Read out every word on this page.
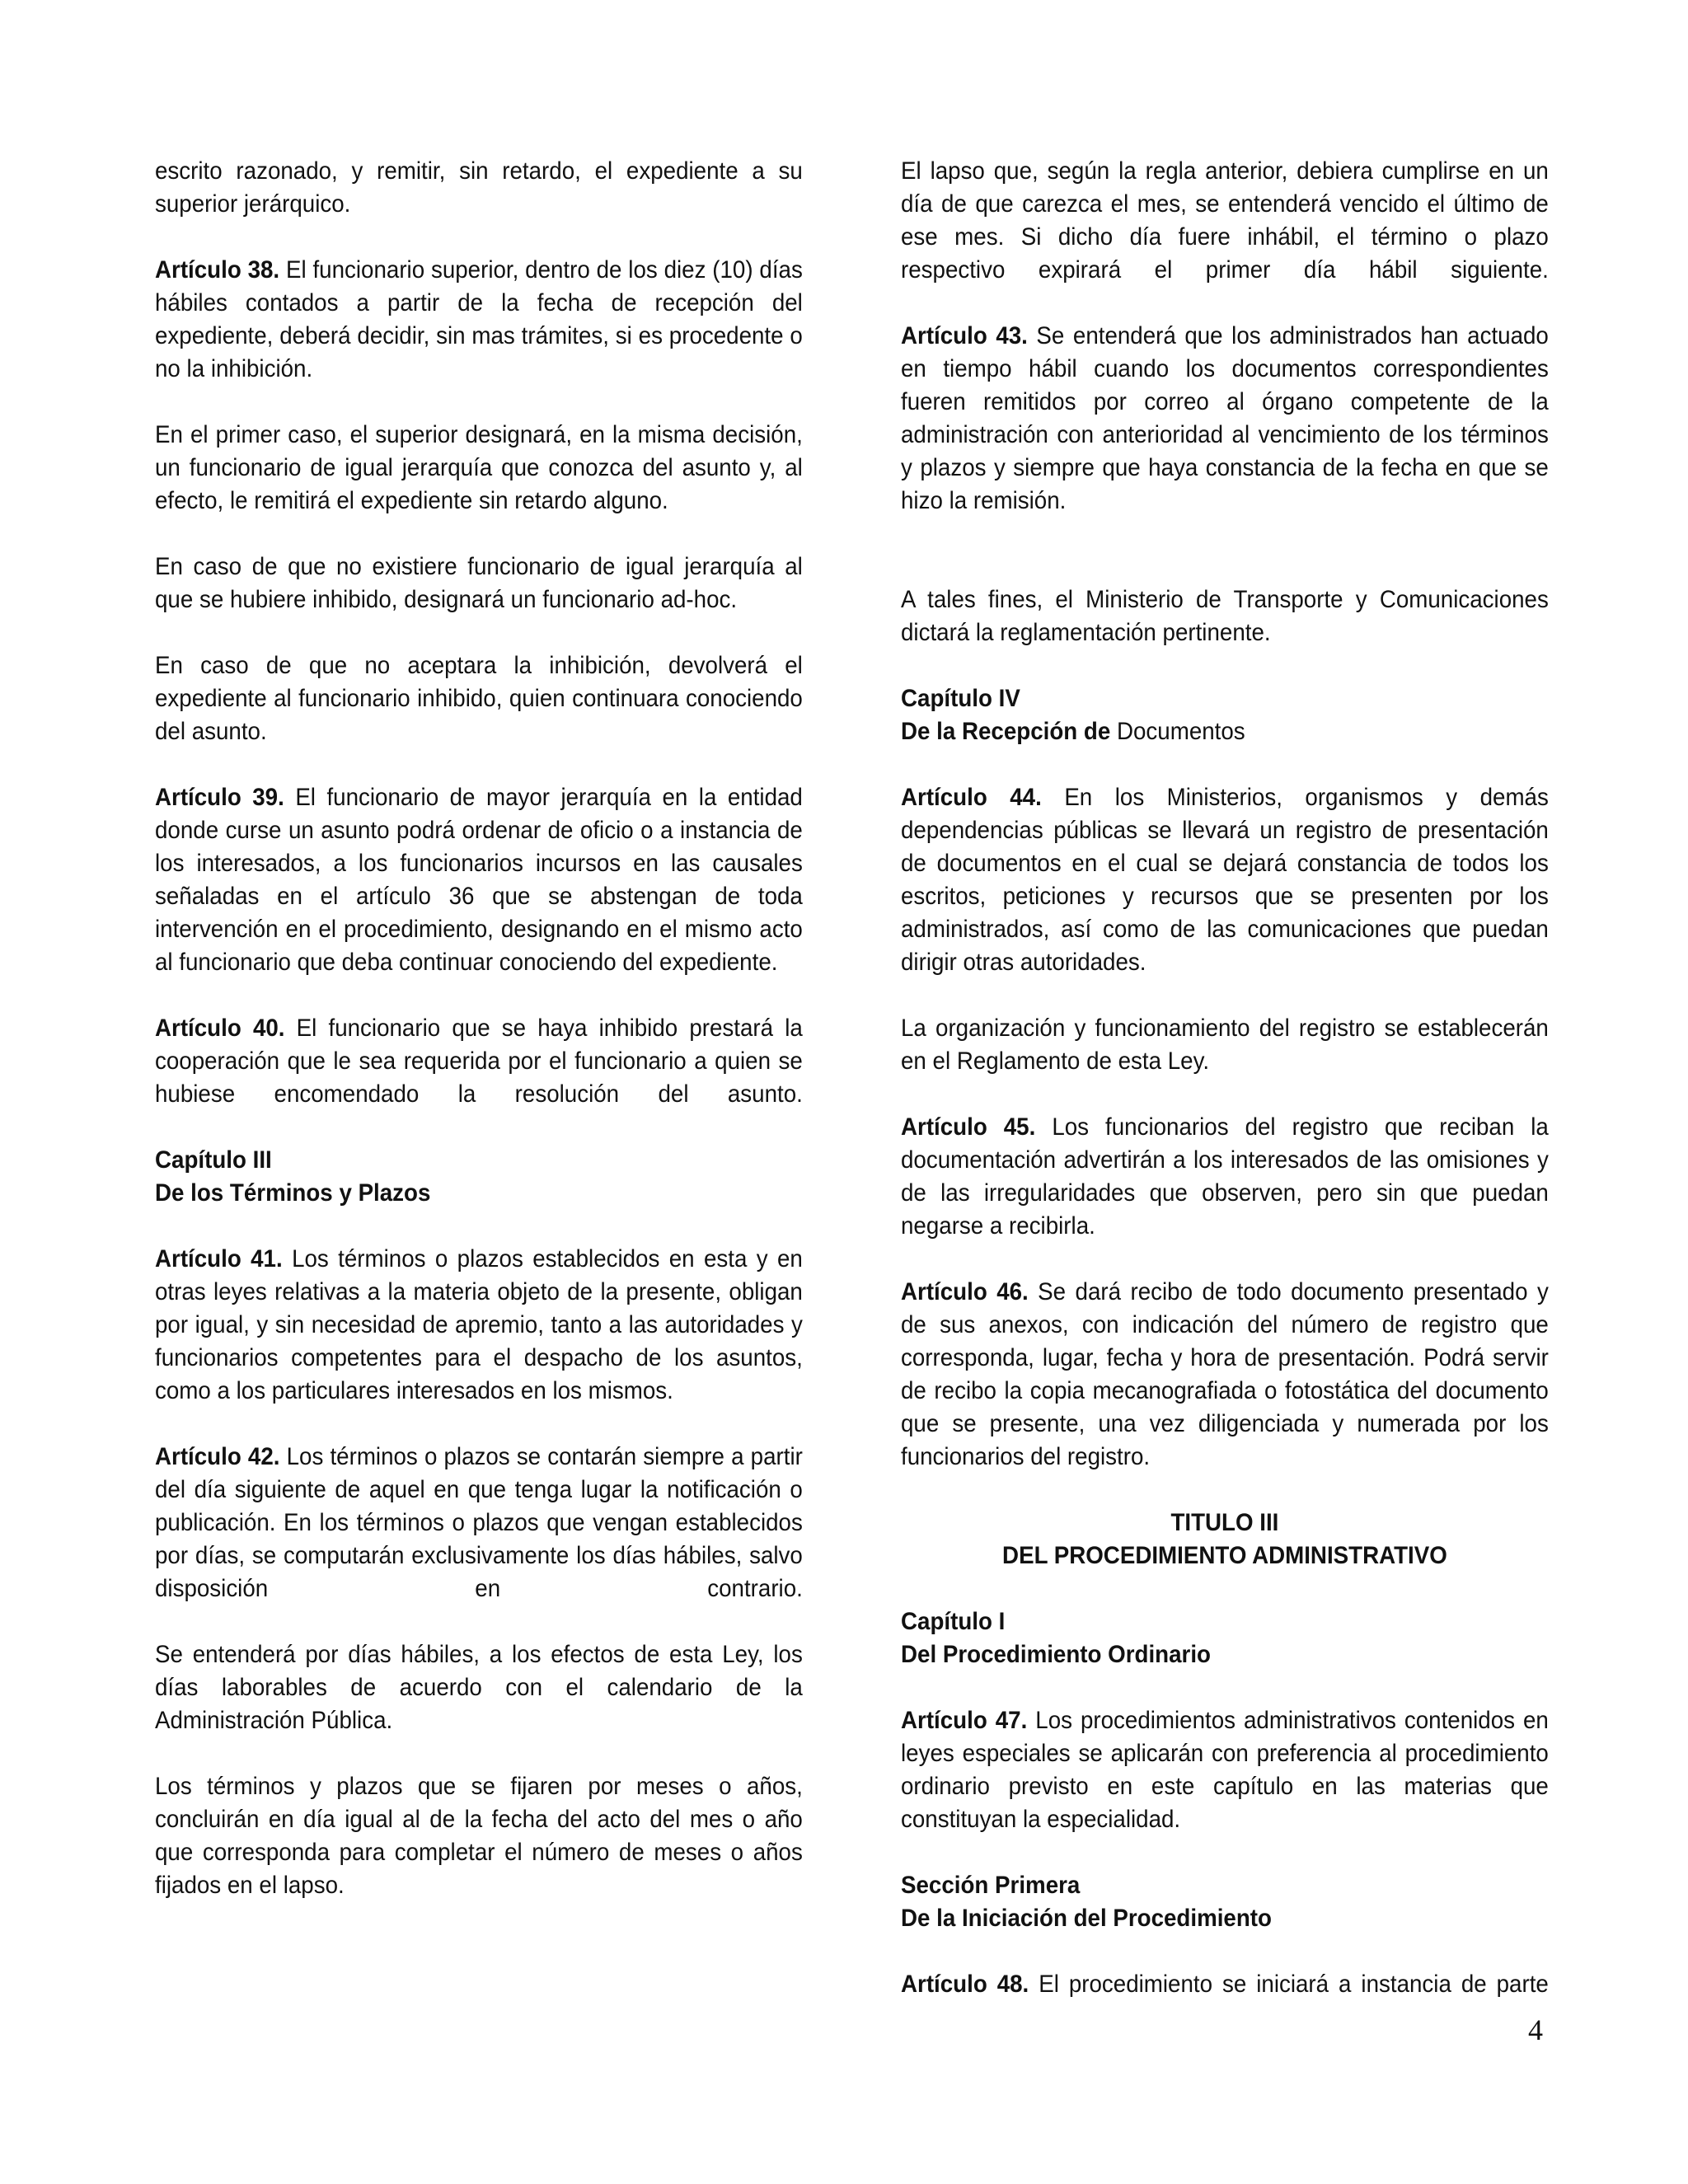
escrito razonado, y remitir, sin retardo, el expediente a su superior jerárquico.

Artículo 38. El funcionario superior, dentro de los diez (10) días hábiles contados a partir de la fecha de recepción del expediente, deberá decidir, sin mas trámites, si es procedente o no la inhibición.

En el primer caso, el superior designará, en la misma decisión, un funcionario de igual jerarquía que conozca del asunto y, al efecto, le remitirá el expediente sin retardo alguno.

En caso de que no existiere funcionario de igual jerarquía al que se hubiere inhibido, designará un funcionario ad-hoc.

En caso de que no aceptara la inhibición, devolverá el expediente al funcionario inhibido, quien continuara conociendo del asunto.

Artículo 39. El funcionario de mayor jerarquía en la entidad donde curse un asunto podrá ordenar de oficio o a instancia de los interesados, a los funcionarios incursos en las causales señaladas en el artículo 36 que se abstengan de toda intervención en el procedimiento, designando en el mismo acto al funcionario que deba continuar conociendo del expediente.

Artículo 40. El funcionario que se haya inhibido prestará la cooperación que le sea requerida por el funcionario a quien se hubiese encomendado la resolución del asunto.

Capítulo III
De los Términos y Plazos

Artículo 41. Los términos o plazos establecidos en esta y en otras leyes relativas a la materia objeto de la presente, obligan por igual, y sin necesidad de apremio, tanto a las autoridades y funcionarios competentes para el despacho de los asuntos, como a los particulares interesados en los mismos.

Artículo 42. Los términos o plazos se contarán siempre a partir del día siguiente de aquel en que tenga lugar la notificación o publicación. En los términos o plazos que vengan establecidos por días, se computarán exclusivamente los días hábiles, salvo disposición en contrario.

Se entenderá por días hábiles, a los efectos de esta Ley, los días laborables de acuerdo con el calendario de la Administración Pública.

Los términos y plazos que se fijaren por meses o años, concluirán en día igual al de la fecha del acto del mes o año que corresponda para completar el número de meses o años fijados en el lapso.

El lapso que, según la regla anterior, debiera cumplirse en un día de que carezca el mes, se entenderá vencido el último de ese mes. Si dicho día fuere inhábil, el término o plazo respectivo expirará el primer día hábil siguiente.

Artículo 43. Se entenderá que los administrados han actuado en tiempo hábil cuando los documentos correspondientes fueren remitidos por correo al órgano competente de la administración con anterioridad al vencimiento de los términos y plazos y siempre que haya constancia de la fecha en que se hizo la remisión.

A tales fines, el Ministerio de Transporte y Comunicaciones dictará la reglamentación pertinente.

Capítulo IV
De la Recepción de Documentos

Artículo 44. En los Ministerios, organismos y demás dependencias públicas se llevará un registro de presentación de documentos en el cual se dejará constancia de todos los escritos, peticiones y recursos que se presenten por los administrados, así como de las comunicaciones que puedan dirigir otras autoridades.

La organización y funcionamiento del registro se establecerán en el Reglamento de esta Ley.

Artículo 45. Los funcionarios del registro que reciban la documentación advertirán a los interesados de las omisiones y de las irregularidades que observen, pero sin que puedan negarse a recibirla.

Artículo 46. Se dará recibo de todo documento presentado y de sus anexos, con indicación del número de registro que corresponda, lugar, fecha y hora de presentación. Podrá servir de recibo la copia mecanografiada o fotostática del documento que se presente, una vez diligenciada y numerada por los funcionarios del registro.

TITULO III
DEL PROCEDIMIENTO ADMINISTRATIVO
Capítulo I
Del Procedimiento Ordinario

Artículo 47. Los procedimientos administrativos contenidos en leyes especiales se aplicarán con preferencia al procedimiento ordinario previsto en este capítulo en las materias que constituyan la especialidad.

Sección Primera
De la Iniciación del Procedimiento

Artículo 48. El procedimiento se iniciará a instancia de parte

4
